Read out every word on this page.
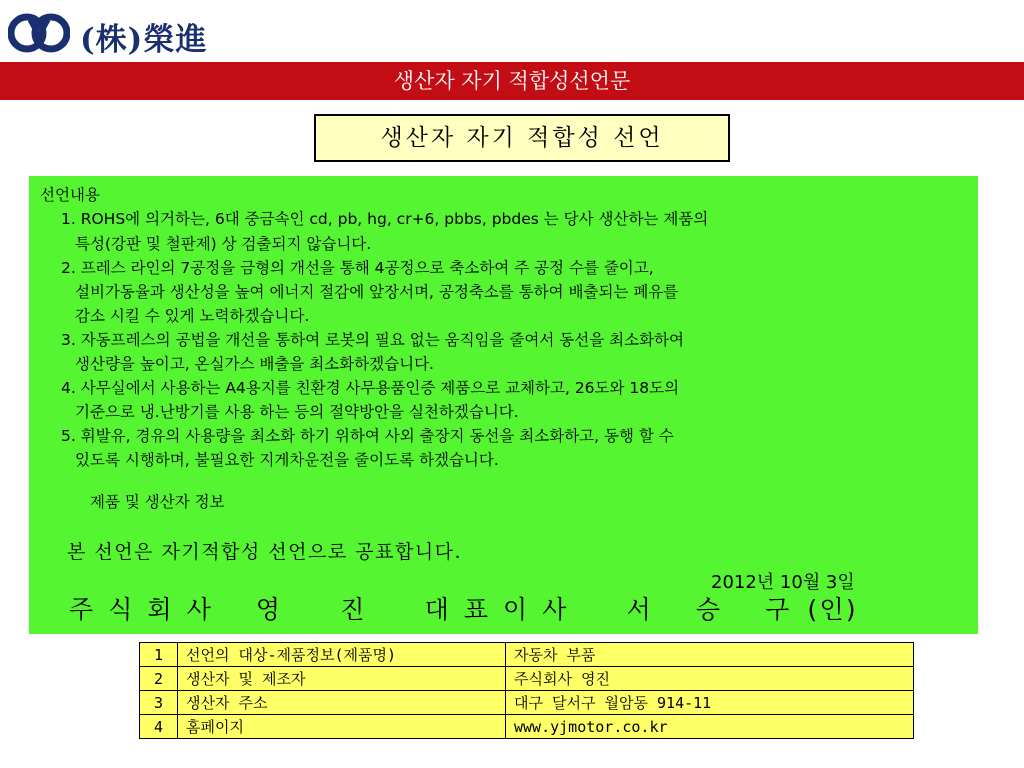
(株)榮進
생산자 자기 적합성선언문
생산자 자기 적합성 선언
선언내용
1. ROHS에 의거하는, 6대 중금속인 cd, pb, hg, cr+6, pbbs, pbdes 는 당사 생산하는 제품의
특성(강판 및 철판제) 상 검출되지 않습니다.
2. 프레스 라인의 7공정을 금형의 개선을 통해 4공정으로 축소하여 주 공정 수를 줄이고,
설비가동율과 생산성을 높여 에너지 절감에 앞장서며, 공정축소를 통하여 배출되는 폐유를
감소 시킬 수 있게 노력하겠습니다.
3. 자동프레스의 공법을 개선을 통하여 로봇의 필요 없는 움직임을 줄여서 동선을 최소화하여
생산량을 높이고, 온실가스 배출을 최소화하겠습니다.
4. 사무실에서 사용하는 A4용지를 친환경 사무용품인증 제품으로 교체하고, 26도와 18도의
기준으로 냉.난방기를 사용 하는 등의 절약방안을 실천하겠습니다.
5. 휘발유, 경유의 사용량을 최소화 하기 위하여 사외 출장지 동선을 최소화하고, 동행 할 수
있도록 시행하며, 불필요한 지게차운전을 줄이도록 하겠습니다.
제품 및 생산자 정보
본 선언은 자기적합성 선언으로 공표합니다.
2012년 10월 3일
주 식 회 사   영    진    대 표 이 사    서   승   구 (인)
1	선언의 대상-제품정보(제품명)	자동차 부품
2	생산자 및 제조자	주식회사 영진
3	생산자 주소	대구 달서구 월암동 914-11
4	홈페이지	www.yjmotor.co.kr
